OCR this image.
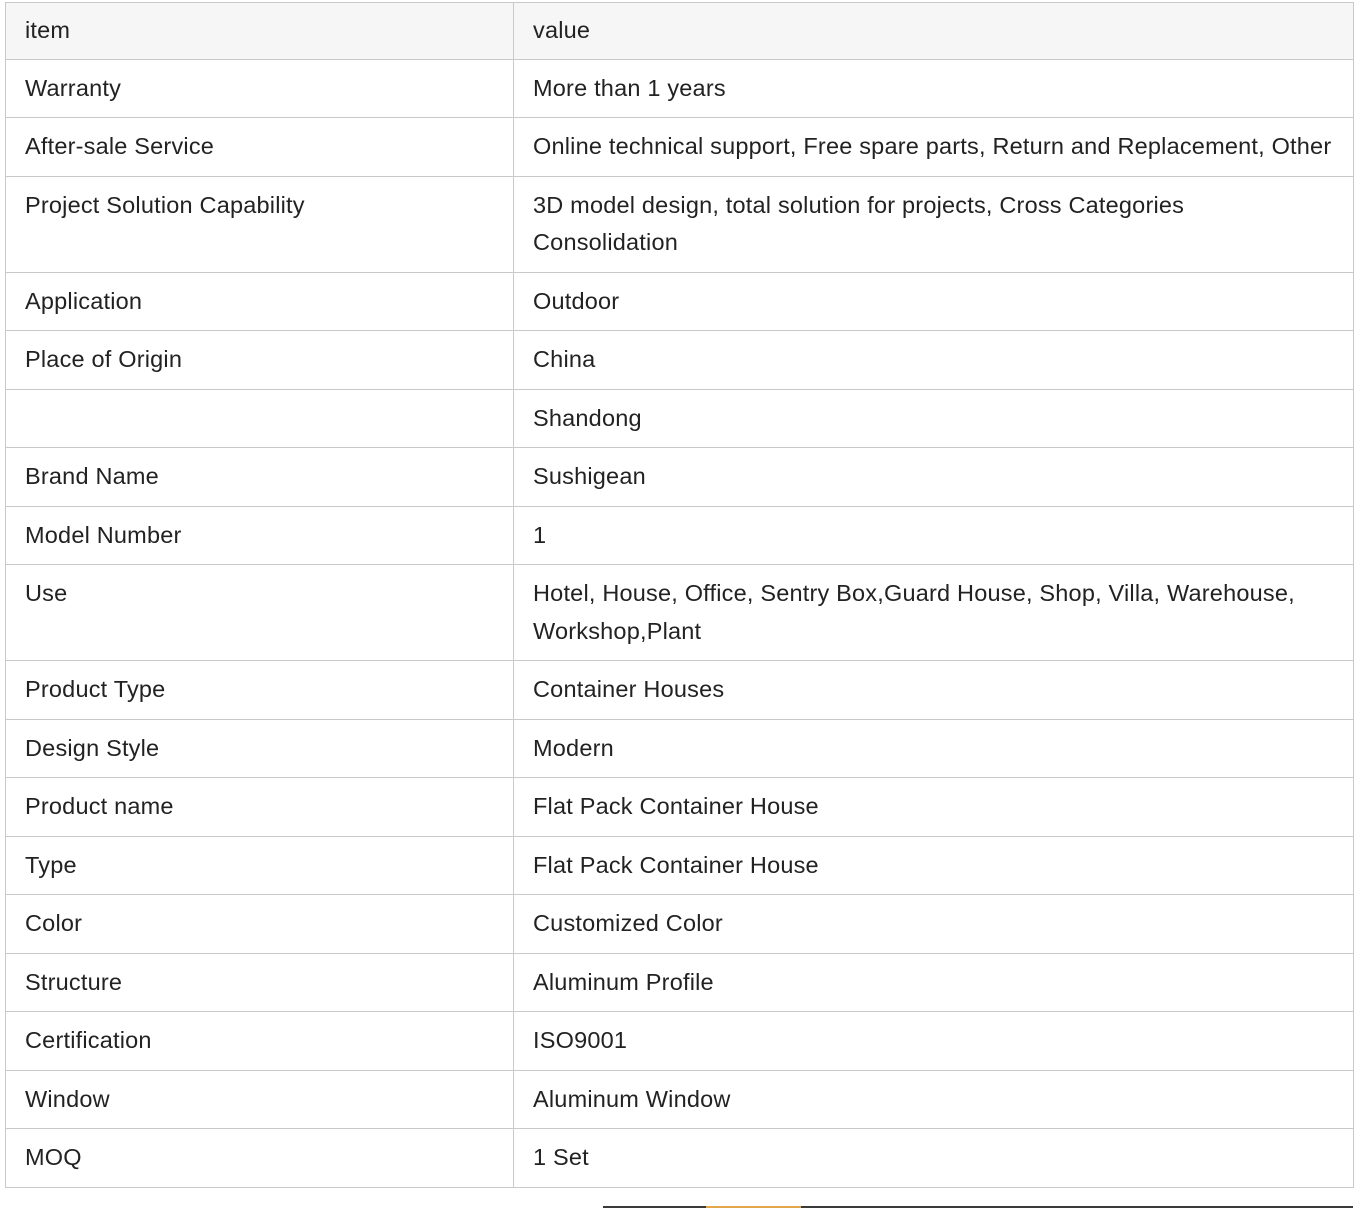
item	value
Warranty	More than 1 years
After-sale Service	Online technical support, Free spare parts, Return and Replacement, Other
Project Solution Capability	3D model design, total solution for projects, Cross Categories Consolidation
Application	Outdoor
Place of Origin	China
	Shandong
Brand Name	Sushigean
Model Number	1
Use	Hotel, House, Office, Sentry Box,Guard House, Shop, Villa, Warehouse, Workshop,Plant
Product Type	Container Houses
Design Style	Modern
Product name	Flat Pack Container House
Type	Flat Pack Container House
Color	Customized Color
Structure	Aluminum Profile
Certification	ISO9001
Window	Aluminum Window
MOQ	1 Set
